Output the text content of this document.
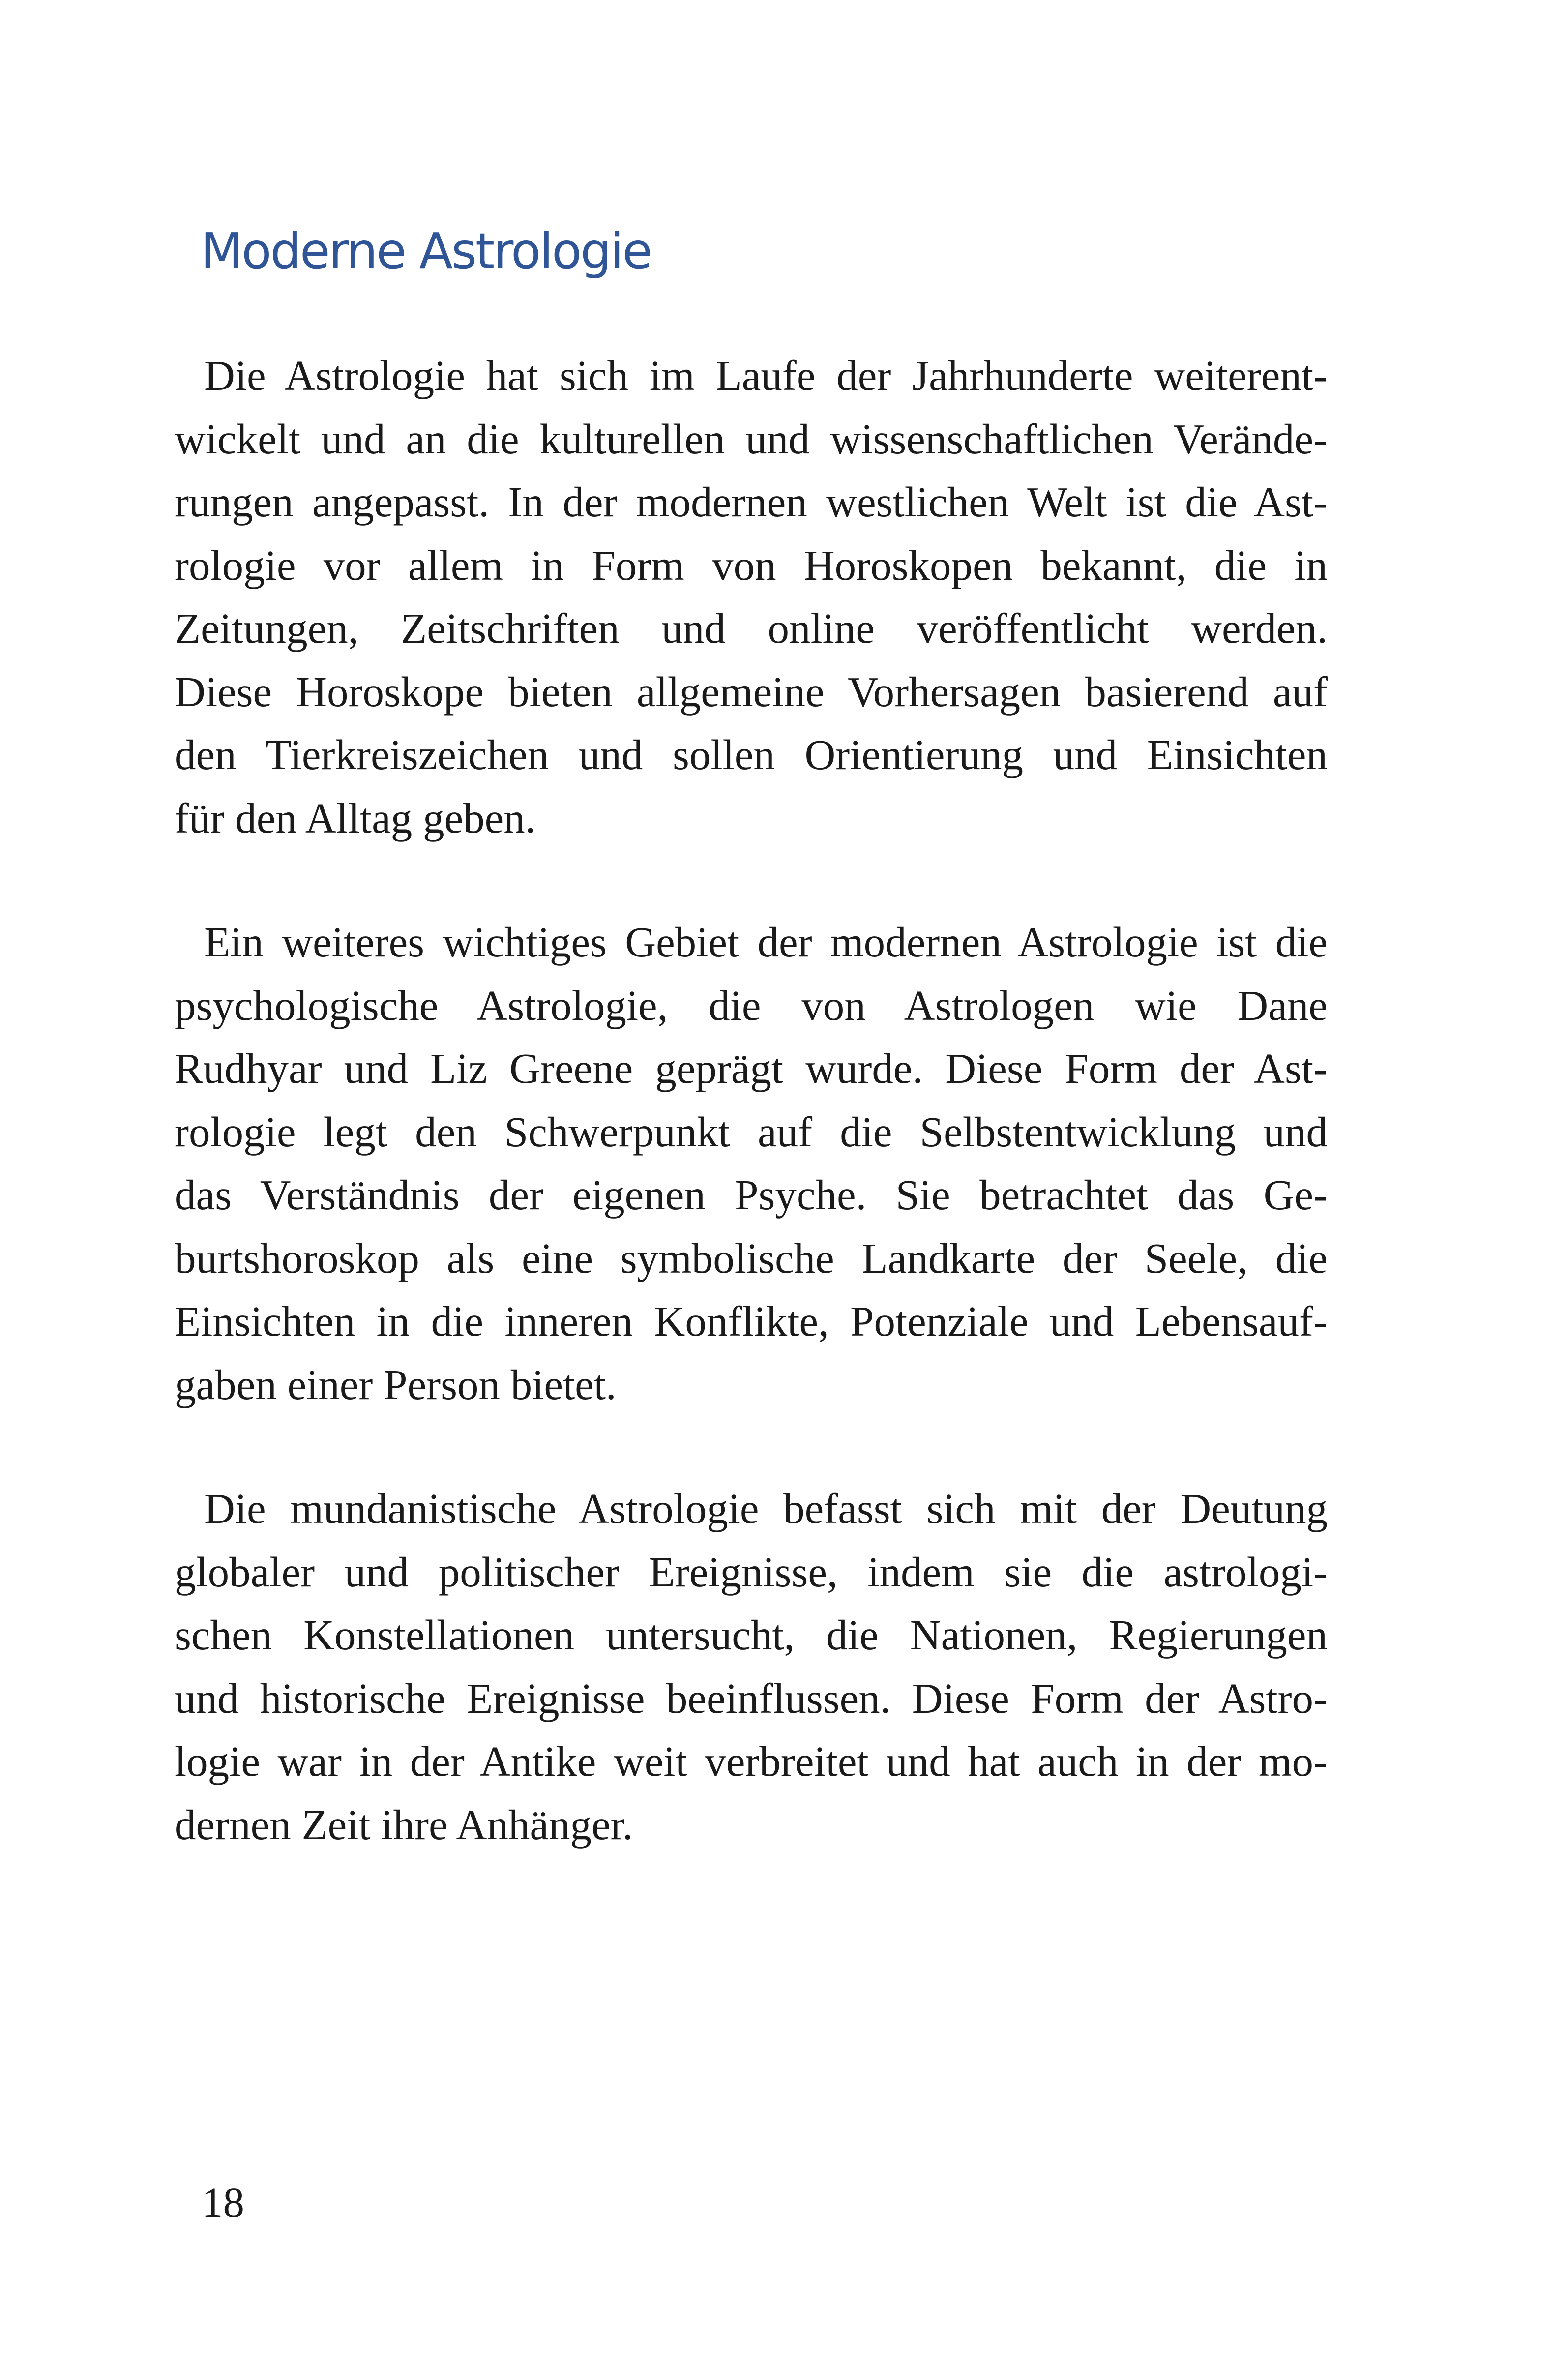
Moderne Astrologie
Die Astrologie hat sich im Laufe der Jahrhunderte weiterent-
wickelt und an die kulturellen und wissenschaftlichen Verände-
rungen angepasst. In der modernen westlichen Welt ist die Ast-
rologie vor allem in Form von Horoskopen bekannt, die in
Zeitungen, Zeitschriften und online veröffentlicht werden.
Diese Horoskope bieten allgemeine Vorhersagen basierend auf
den Tierkreiszeichen und sollen Orientierung und Einsichten
für den Alltag geben.
Ein weiteres wichtiges Gebiet der modernen Astrologie ist die
psychologische Astrologie, die von Astrologen wie Dane
Rudhyar und Liz Greene geprägt wurde. Diese Form der Ast-
rologie legt den Schwerpunkt auf die Selbstentwicklung und
das Verständnis der eigenen Psyche. Sie betrachtet das Ge-
burtshoroskop als eine symbolische Landkarte der Seele, die
Einsichten in die inneren Konflikte, Potenziale und Lebensauf-
gaben einer Person bietet.
Die mundanistische Astrologie befasst sich mit der Deutung
globaler und politischer Ereignisse, indem sie die astrologi-
schen Konstellationen untersucht, die Nationen, Regierungen
und historische Ereignisse beeinflussen. Diese Form der Astro-
logie war in der Antike weit verbreitet und hat auch in der mo-
dernen Zeit ihre Anhänger.
18
